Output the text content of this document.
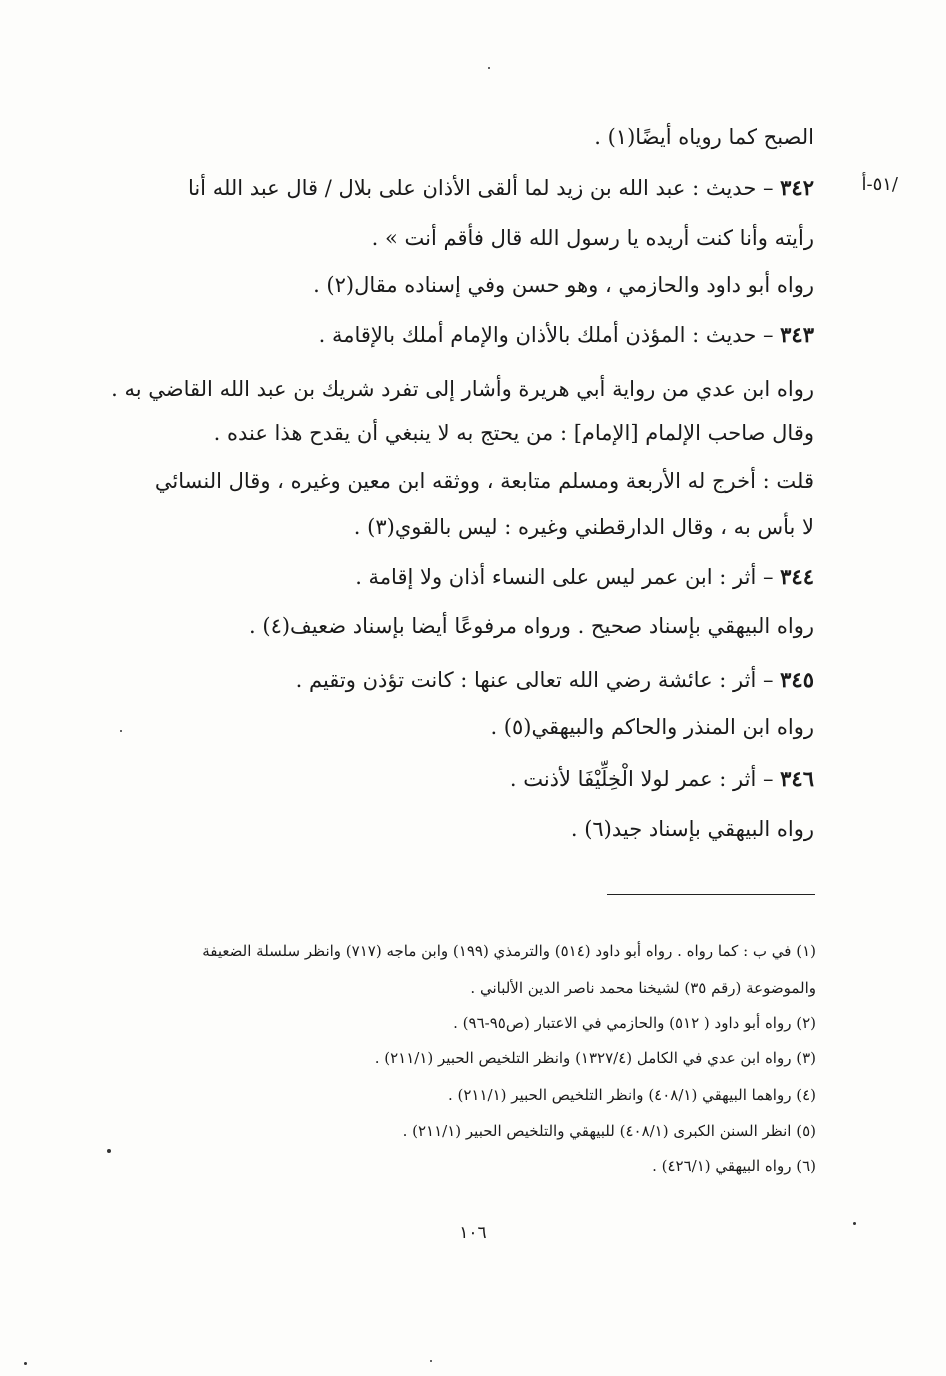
/٥١-أ
الصبح كما روياه أيضًا(١) .
٣٤٢ – حديث : عبد الله بن زيد لما ألقى الأذان على بلال / قال عبد الله أنا
رأيته وأنا كنت أريده يا رسول الله قال فأقم أنت » .
رواه أبو داود والحازمي ، وهو حسن وفي إسناده مقال(٢) .
٣٤٣ – حديث : المؤذن أملك بالأذان والإمام أملك بالإقامة .
رواه ابن عدي من رواية أبي هريرة وأشار إلى تفرد شريك بن عبد الله القاضي به .
وقال صاحب الإلمام [الإمام] : من يحتج به لا ينبغي أن يقدح هذا عنده .
قلت : أخرج له الأربعة ومسلم متابعة ، ووثقه ابن معين وغيره ، وقال النسائي
لا بأس به ، وقال الدارقطني وغيره : ليس بالقوي(٣) .
٣٤٤ – أثر : ابن عمر ليس على النساء أذان ولا إقامة .
رواه البيهقي بإسناد صحيح . ورواه مرفوعًا أيضا بإسناد ضعيف(٤) .
٣٤٥ – أثر : عائشة رضي الله تعالى عنها : كانت تؤذن وتقيم .
رواه ابن المنذر والحاكم والبيهقي(٥) .
٣٤٦ – أثر : عمر لولا الْخِلِّيْفَا لأذنت .
رواه البيهقي بإسناد جيد(٦) .
(١) في ب : كما رواه . رواه أبو داود (٥١٤) والترمذي (١٩٩) وابن ماجه (٧١٧) وانظر سلسلة الضعيفة
والموضوعة (رقم ٣٥) لشيخنا محمد ناصر الدين الألباني .
(٢) رواه أبو داود ( ٥١٢) والحازمي في الاعتبار (ص٩٥-٩٦) .
(٣) رواه ابن عدي في الكامل (١٣٢٧/٤) وانظر التلخيص الحبير (٢١١/١) .
(٤) رواهما البيهقي (٤٠٨/١) وانظر التلخيص الحبير (٢١١/١) .
(٥) انظر السنن الكبرى (٤٠٨/١) للبيهقي والتلخيص الحبير (٢١١/١) .
(٦) رواه البيهقي (٤٢٦/١) .
١٠٦
